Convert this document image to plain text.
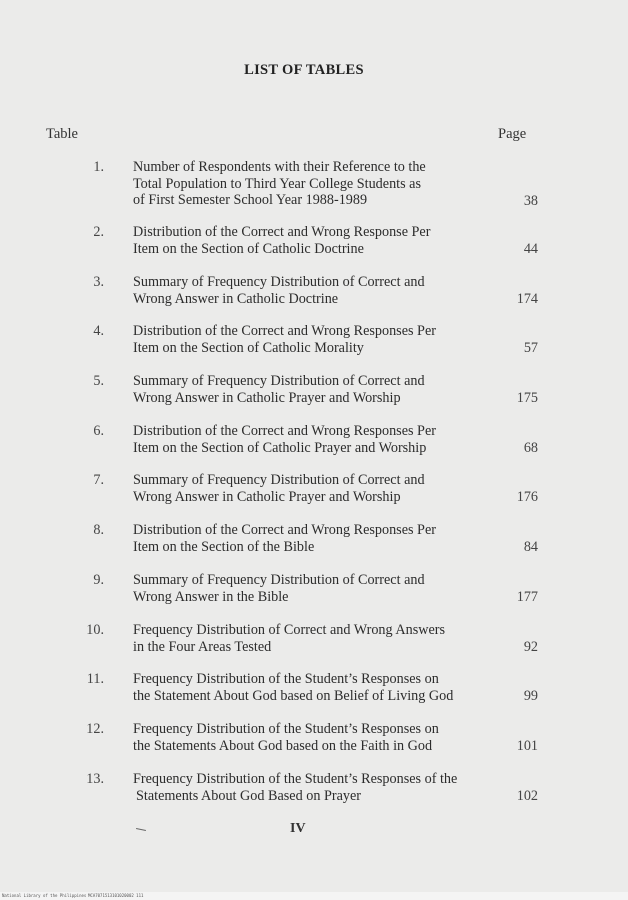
LIST OF TABLES
Table	Page
1. Number of Respondents with their Reference to the
Total Population to Third Year College Students as
of First Semester School Year 1988-1989	38
2. Distribution of the Correct and Wrong Response Per
Item on the Section of Catholic Doctrine	44
3. Summary of Frequency Distribution of Correct and
Wrong Answer in Catholic Doctrine	174
4. Distribution of the Correct and Wrong Responses Per
Item on the Section of Catholic Morality	57
5. Summary of Frequency Distribution of Correct and
Wrong Answer in Catholic Prayer and Worship	175
6. Distribution of the Correct and Wrong Responses Per
Item on the Section of Catholic Prayer and Worship	68
7. Summary of Frequency Distribution of Correct and
Wrong Answer in Catholic Prayer and Worship	176
8. Distribution of the Correct and Wrong Responses Per
Item on the Section of the Bible	84
9. Summary of Frequency Distribution of Correct and
Wrong Answer in the Bible	177
10. Frequency Distribution of Correct and Wrong Answers
in the Four Areas Tested	92
11. Frequency Distribution of the Student’s Responses on
the Statement About God based on Belief of Living God	99
12. Frequency Distribution of the Student’s Responses on
the Statements About God based on the Faith in God	101
13. Frequency Distribution of the Student’s Responses of the
Statements About God Based on Prayer	102
IV
National Library of the Philippines MCA7071513101020002 111
